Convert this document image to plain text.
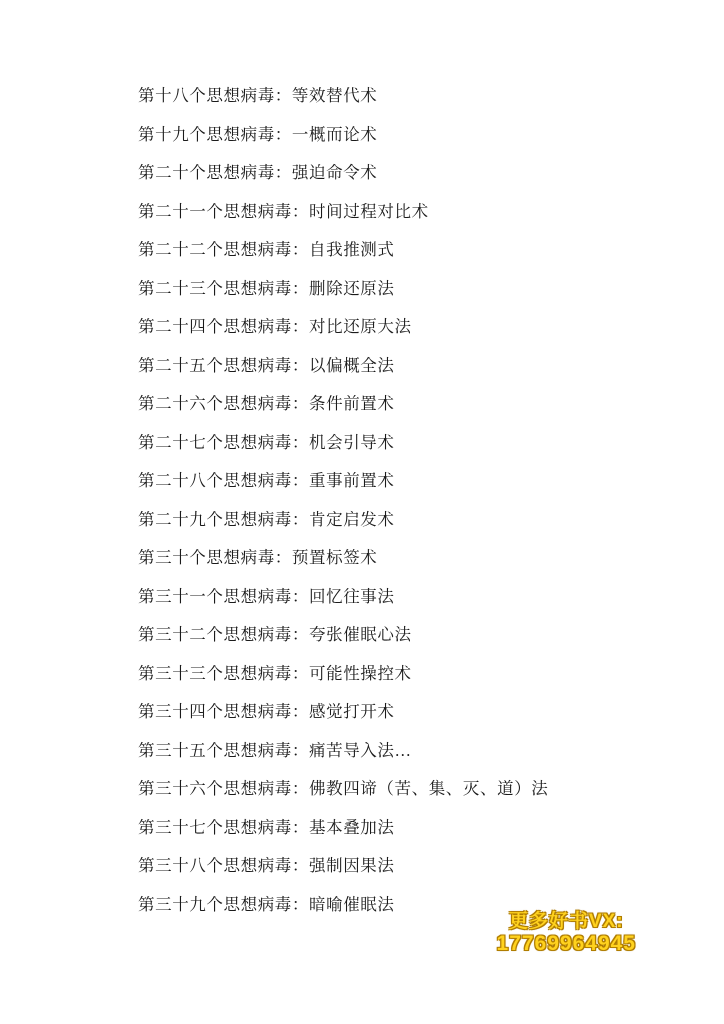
第十八个思想病毒：等效替代术

第十九个思想病毒：一概而论术

第二十个思想病毒：强迫命令术

第二十一个思想病毒：时间过程对比术

第二十二个思想病毒：自我推测式

第二十三个思想病毒：删除还原法

第二十四个思想病毒：对比还原大法

第二十五个思想病毒：以偏概全法

第二十六个思想病毒：条件前置术

第二十七个思想病毒：机会引导术

第二十八个思想病毒：重事前置术

第二十九个思想病毒：肯定启发术

第三十个思想病毒：预置标签术

第三十一个思想病毒：回忆往事法

第三十二个思想病毒：夸张催眠心法

第三十三个思想病毒：可能性操控术

第三十四个思想病毒：感觉打开术

第三十五个思想病毒：痛苦导入法…

第三十六个思想病毒：佛教四谛（苦、集、灭、道）法

第三十七个思想病毒：基本叠加法

第三十八个思想病毒：强制因果法

第三十九个思想病毒：暗喻催眠法

更多好书VX:
17769964945
